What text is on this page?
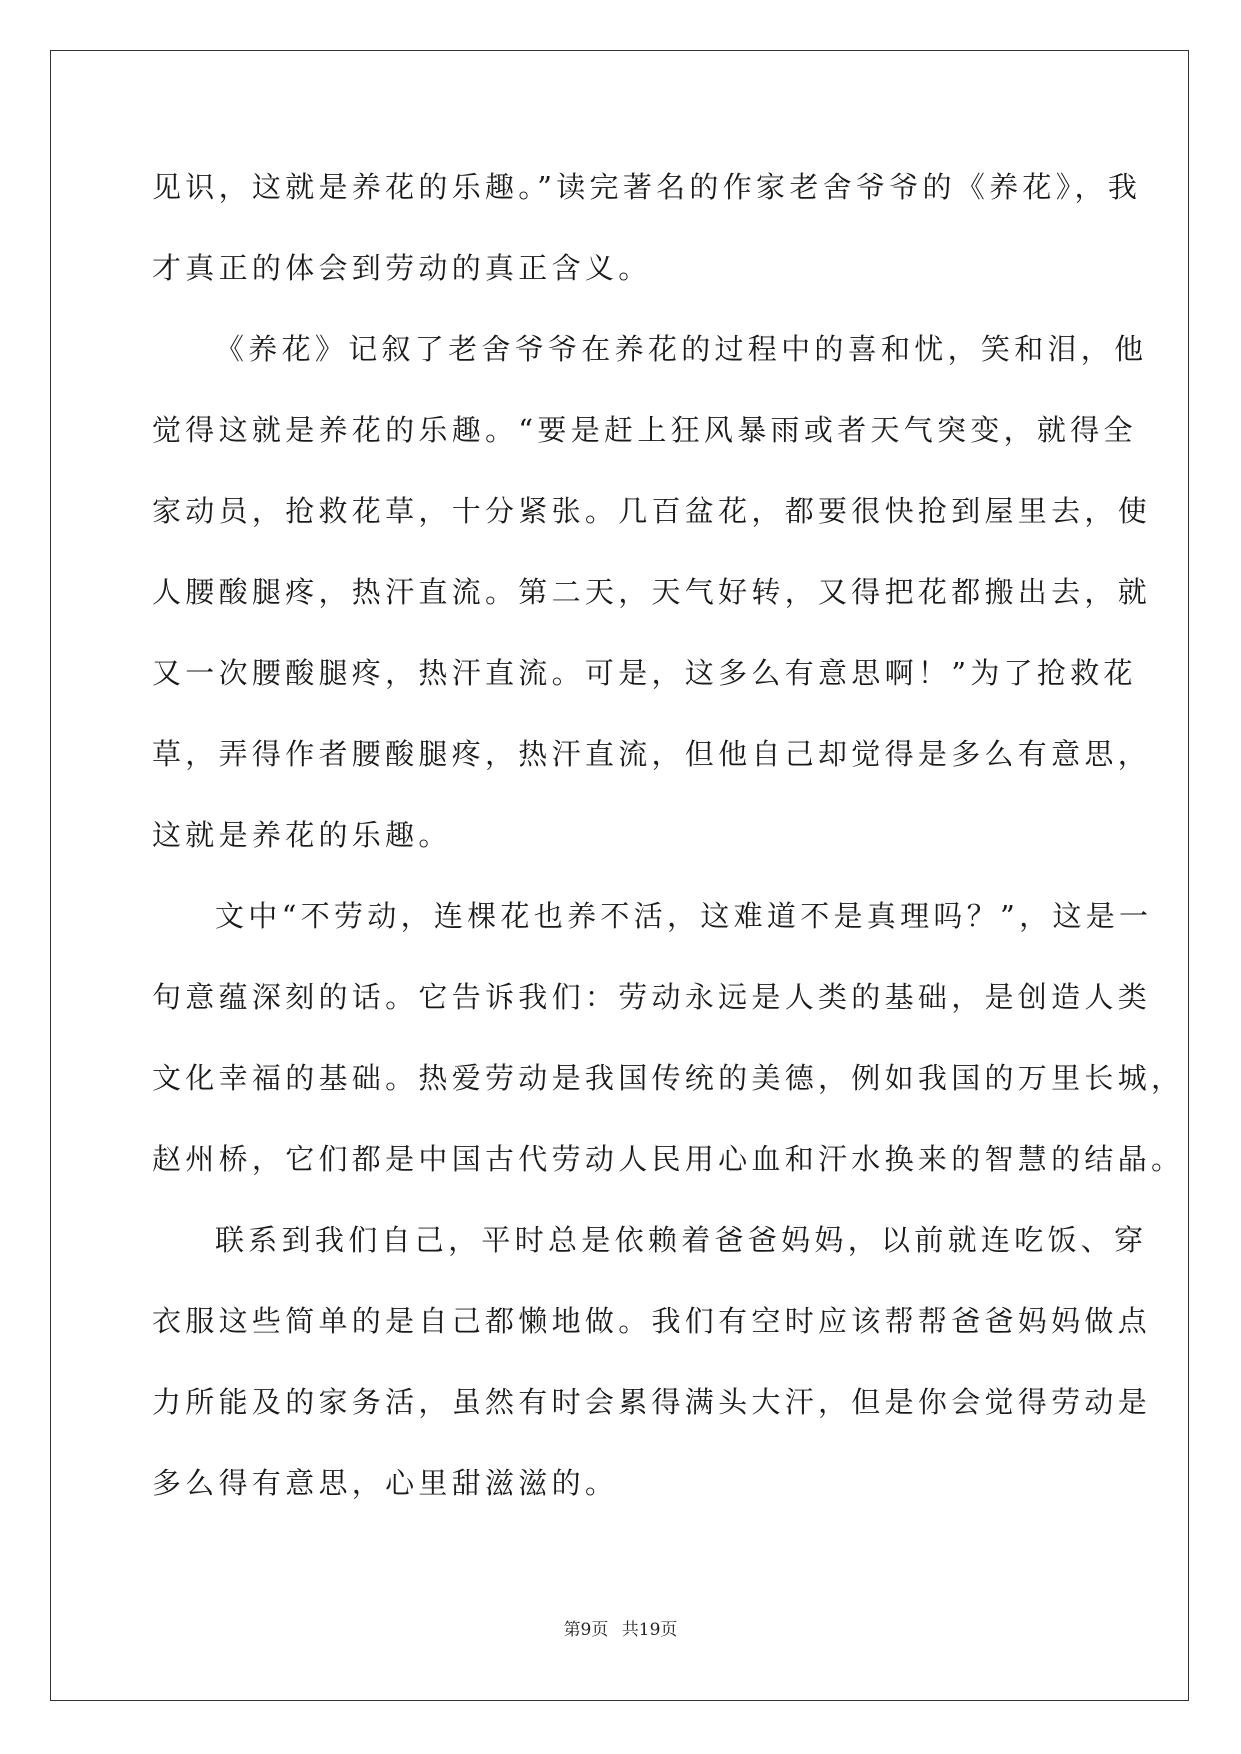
见识，这就是养花的乐趣。”读完著名的作家老舍爷爷的《养花》，我
才真正的体会到劳动的真正含义。
《养花》记叙了老舍爷爷在养花的过程中的喜和忧，笑和泪，他
觉得这就是养花的乐趣。“要是赶上狂风暴雨或者天气突变，就得全
家动员，抢救花草，十分紧张。几百盆花，都要很快抢到屋里去，使
人腰酸腿疼，热汗直流。第二天，天气好转，又得把花都搬出去，就
又一次腰酸腿疼，热汗直流。可是，这多么有意思啊！”为了抢救花
草，弄得作者腰酸腿疼，热汗直流，但他自己却觉得是多么有意思，
这就是养花的乐趣。
文中“不劳动，连棵花也养不活，这难道不是真理吗？”，这是一
句意蕴深刻的话。它告诉我们：劳动永远是人类的基础，是创造人类
文化幸福的基础。热爱劳动是我国传统的美德，例如我国的万里长城，
赵州桥，它们都是中国古代劳动人民用心血和汗水换来的智慧的结晶。
联系到我们自己，平时总是依赖着爸爸妈妈，以前就连吃饭、穿
衣服这些简单的是自己都懒地做。我们有空时应该帮帮爸爸妈妈做点
力所能及的家务活，虽然有时会累得满头大汗，但是你会觉得劳动是
多么得有意思，心里甜滋滋的。
第9页 共19页
